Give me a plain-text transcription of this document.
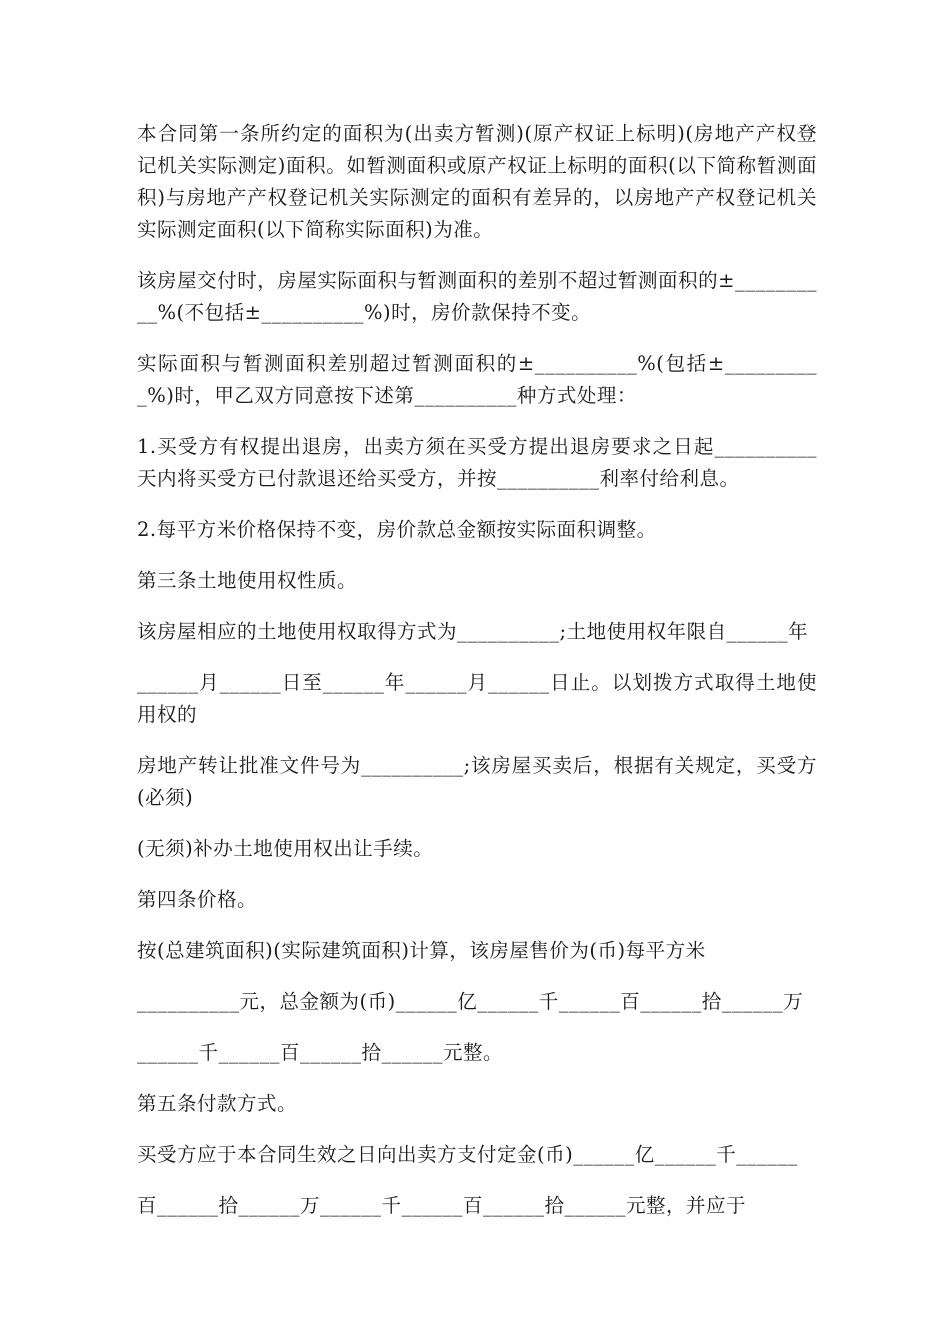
本合同第一条所约定的面积为(出卖方暂测)(原产权证上标明)(房地产产权登记机关实际测定)面积。如暂测面积或原产权证上标明的面积(以下简称暂测面积)与房地产产权登记机关实际测定的面积有差异的，以房地产产权登记机关实际测定面积(以下简称实际面积)为准。

该房屋交付时，房屋实际面积与暂测面积的差别不超过暂测面积的±__________%(不包括±__________%)时，房价款保持不变。

实际面积与暂测面积差别超过暂测面积的±__________%(包括±__________%)时，甲乙双方同意按下述第__________种方式处理：

1.买受方有权提出退房，出卖方须在买受方提出退房要求之日起__________天内将买受方已付款退还给买受方，并按__________利率付给利息。

2.每平方米价格保持不变，房价款总金额按实际面积调整。

第三条土地使用权性质。

该房屋相应的土地使用权取得方式为__________;土地使用权年限自______年

______月______日至______年______月______日止。以划拨方式取得土地使用权的

房地产转让批准文件号为__________;该房屋买卖后，根据有关规定，买受方(必须)

(无须)补办土地使用权出让手续。

第四条价格。

按(总建筑面积)(实际建筑面积)计算，该房屋售价为(币)每平方米

__________元，总金额为(币)______亿______千______百______拾______万

______千______百______拾______元整。

第五条付款方式。

买受方应于本合同生效之日向出卖方支付定金(币)______亿______千______

百______拾______万______千______百______拾______元整，并应于
